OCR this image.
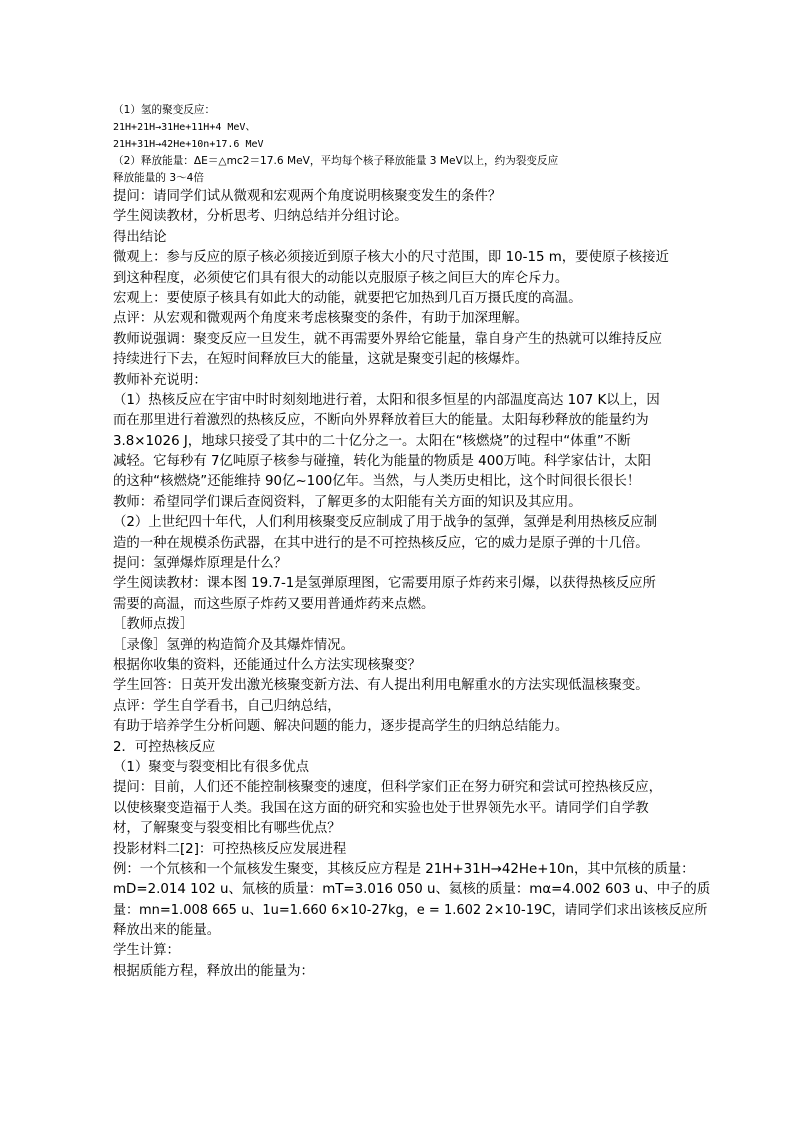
（1）氢的聚变反应：
21H+21H→31He+11H+4 MeV、
21H+31H→42He+10n+17.6 MeV
（2）释放能量：ΔE＝△mc2＝17.6 MeV，平均每个核子释放能量 3 MeV以上，约为裂变反应
释放能量的 3～4倍
提问：请同学们试从微观和宏观两个角度说明核聚变发生的条件？
学生阅读教材，分析思考、归纳总结并分组讨论。
得出结论
微观上：参与反应的原子核必须接近到原子核大小的尺寸范围，即 10-15 m，要使原子核接近
到这种程度，必须使它们具有很大的动能以克服原子核之间巨大的库仑斥力。
宏观上：要使原子核具有如此大的动能，就要把它加热到几百万摄氏度的高温。
点评：从宏观和微观两个角度来考虑核聚变的条件，有助于加深理解。
教师说强调：聚变反应一旦发生，就不再需要外界给它能量，靠自身产生的热就可以维持反应
持续进行下去，在短时间释放巨大的能量，这就是聚变引起的核爆炸。
教师补充说明：
（1）热核反应在宇宙中时时刻刻地进行着，太阳和很多恒星的内部温度高达 107 K以上，因
而在那里进行着激烈的热核反应，不断向外界释放着巨大的能量。太阳每秒释放的能量约为
3.8×1026 J，地球只接受了其中的二十亿分之一。太阳在“核燃烧”的过程中“体重”不断
减轻。它每秒有 7亿吨原子核参与碰撞，转化为能量的物质是 400万吨。科学家估计，太阳
的这种“核燃烧”还能维持 90亿~100亿年。当然，与人类历史相比，这个时间很长很长！
教师：希望同学们课后查阅资料，了解更多的太阳能有关方面的知识及其应用。
（2）上世纪四十年代，人们利用核聚变反应制成了用于战争的氢弹，氢弹是利用热核反应制
造的一种在规模杀伤武器，在其中进行的是不可控热核反应，它的威力是原子弹的十几倍。
提问：氢弹爆炸原理是什么？
学生阅读教材：课本图 19.7-1是氢弹原理图，它需要用原子炸药来引爆，以获得热核反应所
需要的高温，而这些原子炸药又要用普通炸药来点燃。
［教师点拨］
［录像］氢弹的构造简介及其爆炸情况。
根据你收集的资料，还能通过什么方法实现核聚变？
学生回答：日英开发出激光核聚变新方法、有人提出利用电解重水的方法实现低温核聚变。
点评：学生自学看书，自己归纳总结，
有助于培养学生分析问题、解决问题的能力，逐步提高学生的归纳总结能力。
2．可控热核反应
（1）聚变与裂变相比有很多优点
提问：目前，人们还不能控制核聚变的速度，但科学家们正在努力研究和尝试可控热核反应，
以使核聚变造福于人类。我国在这方面的研究和实验也处于世界领先水平。请同学们自学教
材，了解聚变与裂变相比有哪些优点？
投影材料二[2]：可控热核反应发展进程
例：一个氘核和一个氚核发生聚变，其核反应方程是 21H+31H→42He+10n，其中氘核的质量：
mD=2.014 102 u、氚核的质量：mT=3.016 050 u、氦核的质量：mα=4.002 603 u、中子的质
量：mn=1.008 665 u、1u=1.660 6×10-27kg，e = 1.602 2×10-19C，请同学们求出该核反应所
释放出来的能量。
学生计算：
根据质能方程，释放出的能量为：
